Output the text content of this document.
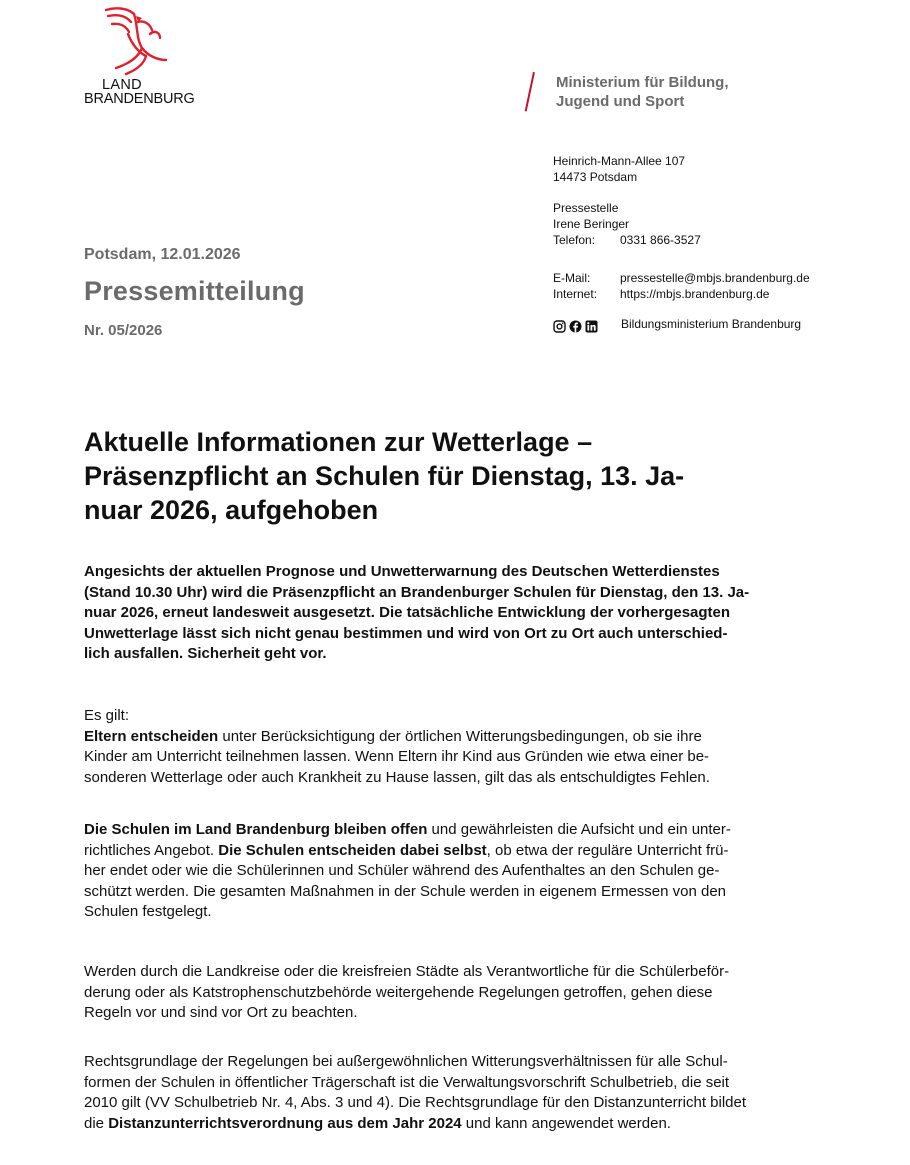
LAND
BRANDENBURG
Ministerium für Bildung,
Jugend und Sport
Heinrich-Mann-Allee 107
14473 Potsdam
Pressestelle
Irene Beringer
Telefon: 0331 866-3527
E-Mail: pressestelle@mbjs.brandenburg.de
Internet: https://mbjs.brandenburg.de
Bildungsministerium Brandenburg
Potsdam, 12.01.2026
Pressemitteilung
Nr. 05/2026
Aktuelle Informationen zur Wetterlage –
Präsenzpflicht an Schulen für Dienstag, 13. Ja-
nuar 2026, aufgehoben
Angesichts der aktuellen Prognose und Unwetterwarnung des Deutschen Wetterdienstes
(Stand 10.30 Uhr) wird die Präsenzpflicht an Brandenburger Schulen für Dienstag, den 13. Ja-
nuar 2026, erneut landesweit ausgesetzt. Die tatsächliche Entwicklung der vorhergesagten
Unwetterlage lässt sich nicht genau bestimmen und wird von Ort zu Ort auch unterschied-
lich ausfallen. Sicherheit geht vor.
Es gilt:
Eltern entscheiden unter Berücksichtigung der örtlichen Witterungsbedingungen, ob sie ihre
Kinder am Unterricht teilnehmen lassen. Wenn Eltern ihr Kind aus Gründen wie etwa einer be-
sonderen Wetterlage oder auch Krankheit zu Hause lassen, gilt das als entschuldigtes Fehlen.
Die Schulen im Land Brandenburg bleiben offen und gewährleisten die Aufsicht und ein unter-
richtliches Angebot. Die Schulen entscheiden dabei selbst, ob etwa der reguläre Unterricht frü-
her endet oder wie die Schülerinnen und Schüler während des Aufenthaltes an den Schulen ge-
schützt werden. Die gesamten Maßnahmen in der Schule werden in eigenem Ermessen von den
Schulen festgelegt.
Werden durch die Landkreise oder die kreisfreien Städte als Verantwortliche für die Schülerbeför-
derung oder als Katstrophenschutzbehörde weitergehende Regelungen getroffen, gehen diese
Regeln vor und sind vor Ort zu beachten.
Rechtsgrundlage der Regelungen bei außergewöhnlichen Witterungsverhältnissen für alle Schul-
formen der Schulen in öffentlicher Trägerschaft ist die Verwaltungsvorschrift Schulbetrieb, die seit
2010 gilt (VV Schulbetrieb Nr. 4, Abs. 3 und 4). Die Rechtsgrundlage für den Distanzunterricht bildet
die Distanzunterrichtsverordnung aus dem Jahr 2024 und kann angewendet werden.
